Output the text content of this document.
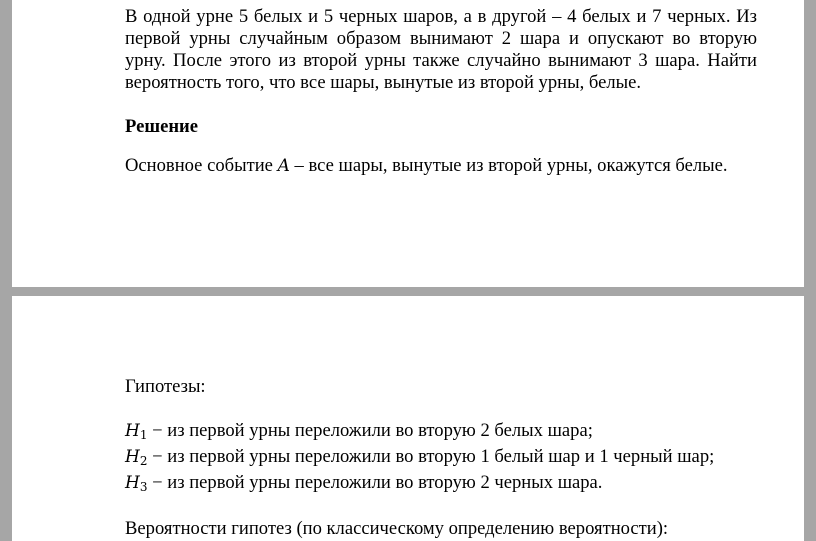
В одной урне 5 белых и 5 черных шаров, а в другой – 4 белых и 7 черных. Из первой урны случайным образом вынимают 2 шара и опускают во вторую урну. После этого из второй урны также случайно вынимают 3 шара. Найти вероятность того, что все шары, вынутые из второй урны, белые.

Решение

Основное событие A – все шары, вынутые из второй урны, окажутся белые.

Гипотезы:

$H_1$ − из первой урны переложили во вторую 2 белых шара;

$H_2$ − из первой урны переложили во вторую 1 белый шар и 1 черный шар;

$H_3$ − из первой урны переложили во вторую 2 черных шара.

Вероятности гипотез (по классическому определению вероятности):
